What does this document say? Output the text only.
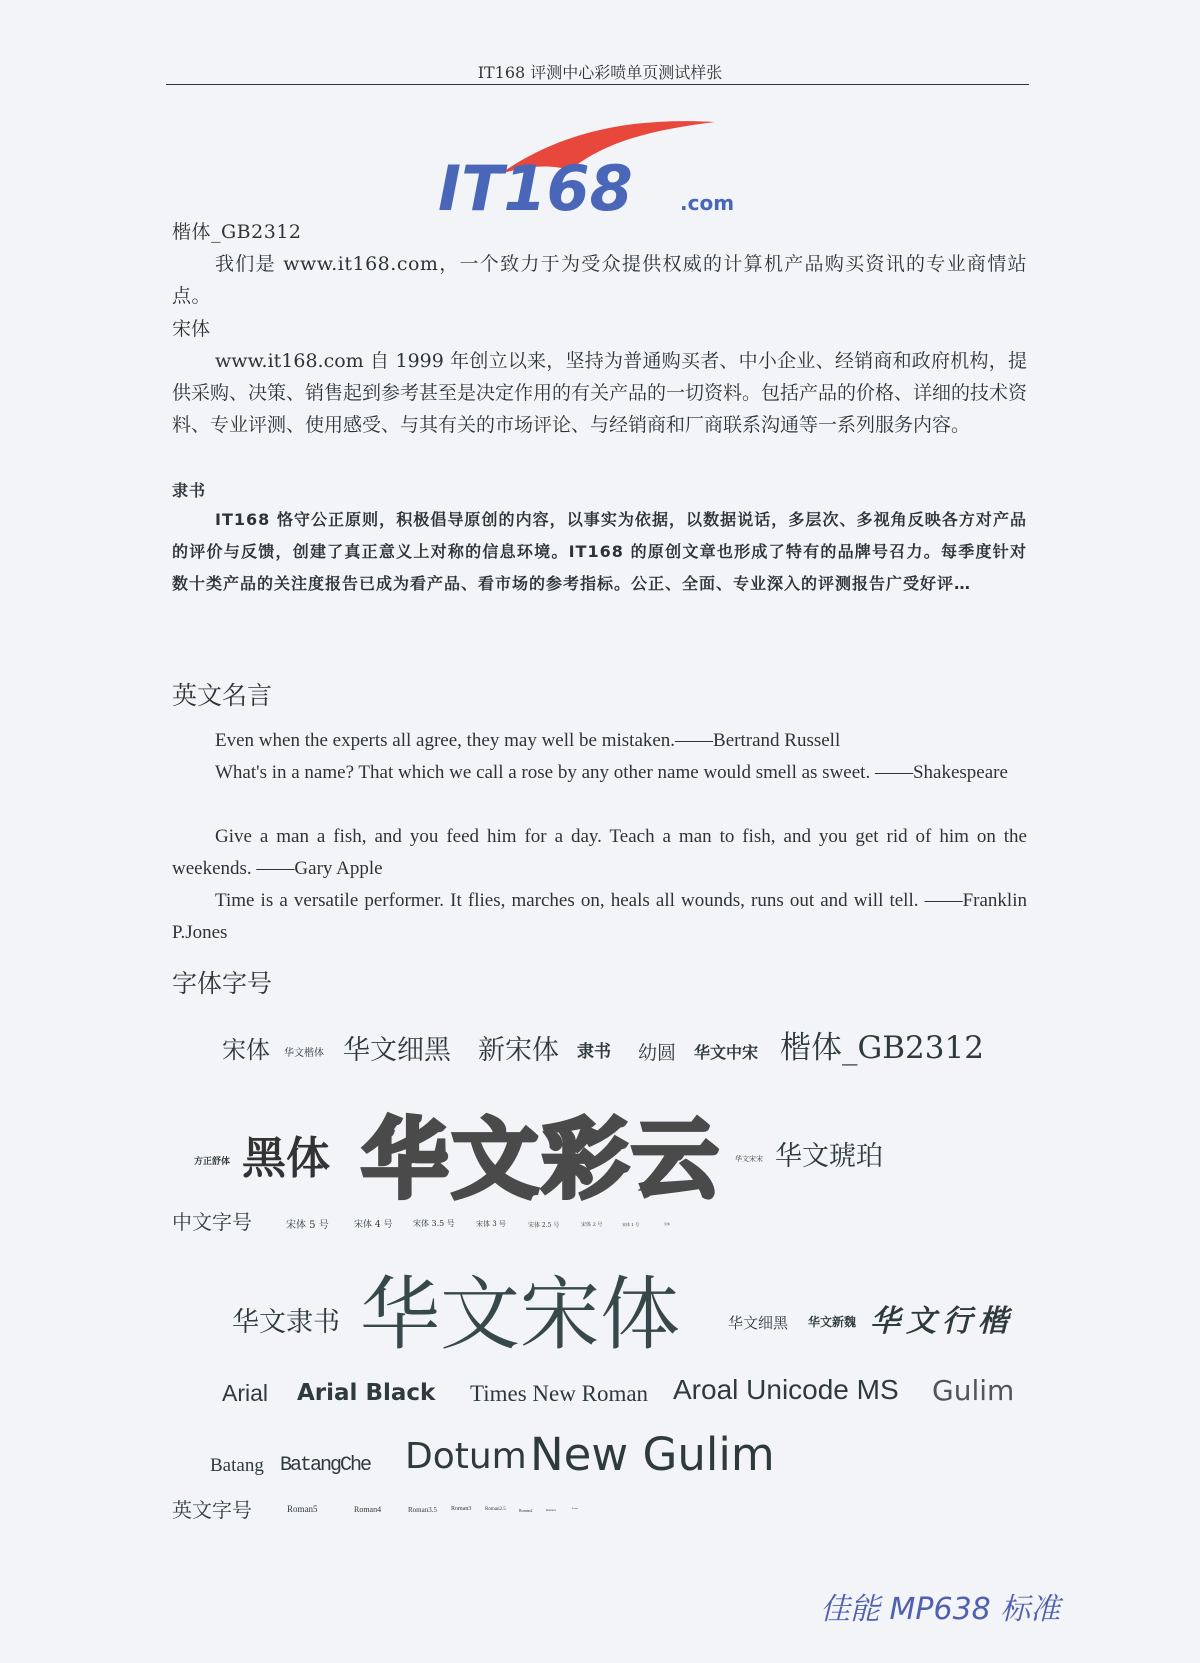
IT168 评测中心彩喷单页测试样张
IT168 .com
楷体_GB2312
我们是 www.it168.com，一个致力于为受众提供权威的计算机产品购买资讯的专业商情站点。
宋体
www.it168.com 自 1999 年创立以来，坚持为普通购买者、中小企业、经销商和政府机构，提供采购、决策、销售起到参考甚至是决定作用的有关产品的一切资料。包括产品的价格、详细的技术资料、专业评测、使用感受、与其有关的市场评论、与经销商和厂商联系沟通等一系列服务内容。
隶书
IT168 恪守公正原则，积极倡导原创的内容，以事实为依据，以数据说话，多层次、多视角反映各方对产品的评价与反馈，创建了真正意义上对称的信息环境。IT168 的原创文章也形成了特有的品牌号召力。每季度针对数十类产品的关注度报告已成为看产品、看市场的参考指标。公正、全面、专业深入的评测报告广受好评…
英文名言
Even when the experts all agree, they may well be mistaken.——Bertrand Russell
What's in a name? That which we call a rose by any other name would smell as sweet. ——Shakespeare
Give a man a fish, and you feed him for a day. Teach a man to fish, and you get rid of him on the weekends. ——Gary Apple
Time is a versatile performer. It flies, marches on, heals all wounds, runs out and will tell. ——Franklin P.Jones
字体字号
宋体 华文楷体 华文细黑 新宋体 隶书 幼圆 华文中宋 楷体_GB2312
方正舒体 黑体 华文彩云 华文宋宋 华文琥珀
中文字号	宋体 5 号	宋体 4 号	宋体 3.5 号	宋体 3 号	宋体 2.5 号	宋体 2 号	宋体 1 号	宋体
华文隶书 华文宋体	华文细黑 华文新魏 华文行楷
Arial Arial Black Times New Roman Aroal Unicode MS Gulim
Batang BatangChe Dotum New Gulim
英文字号	Roman5	Roman4	Roman3.5 Roman3	Roman2.5	Roman2	Roman1	Roman
佳能 MP638 标准
